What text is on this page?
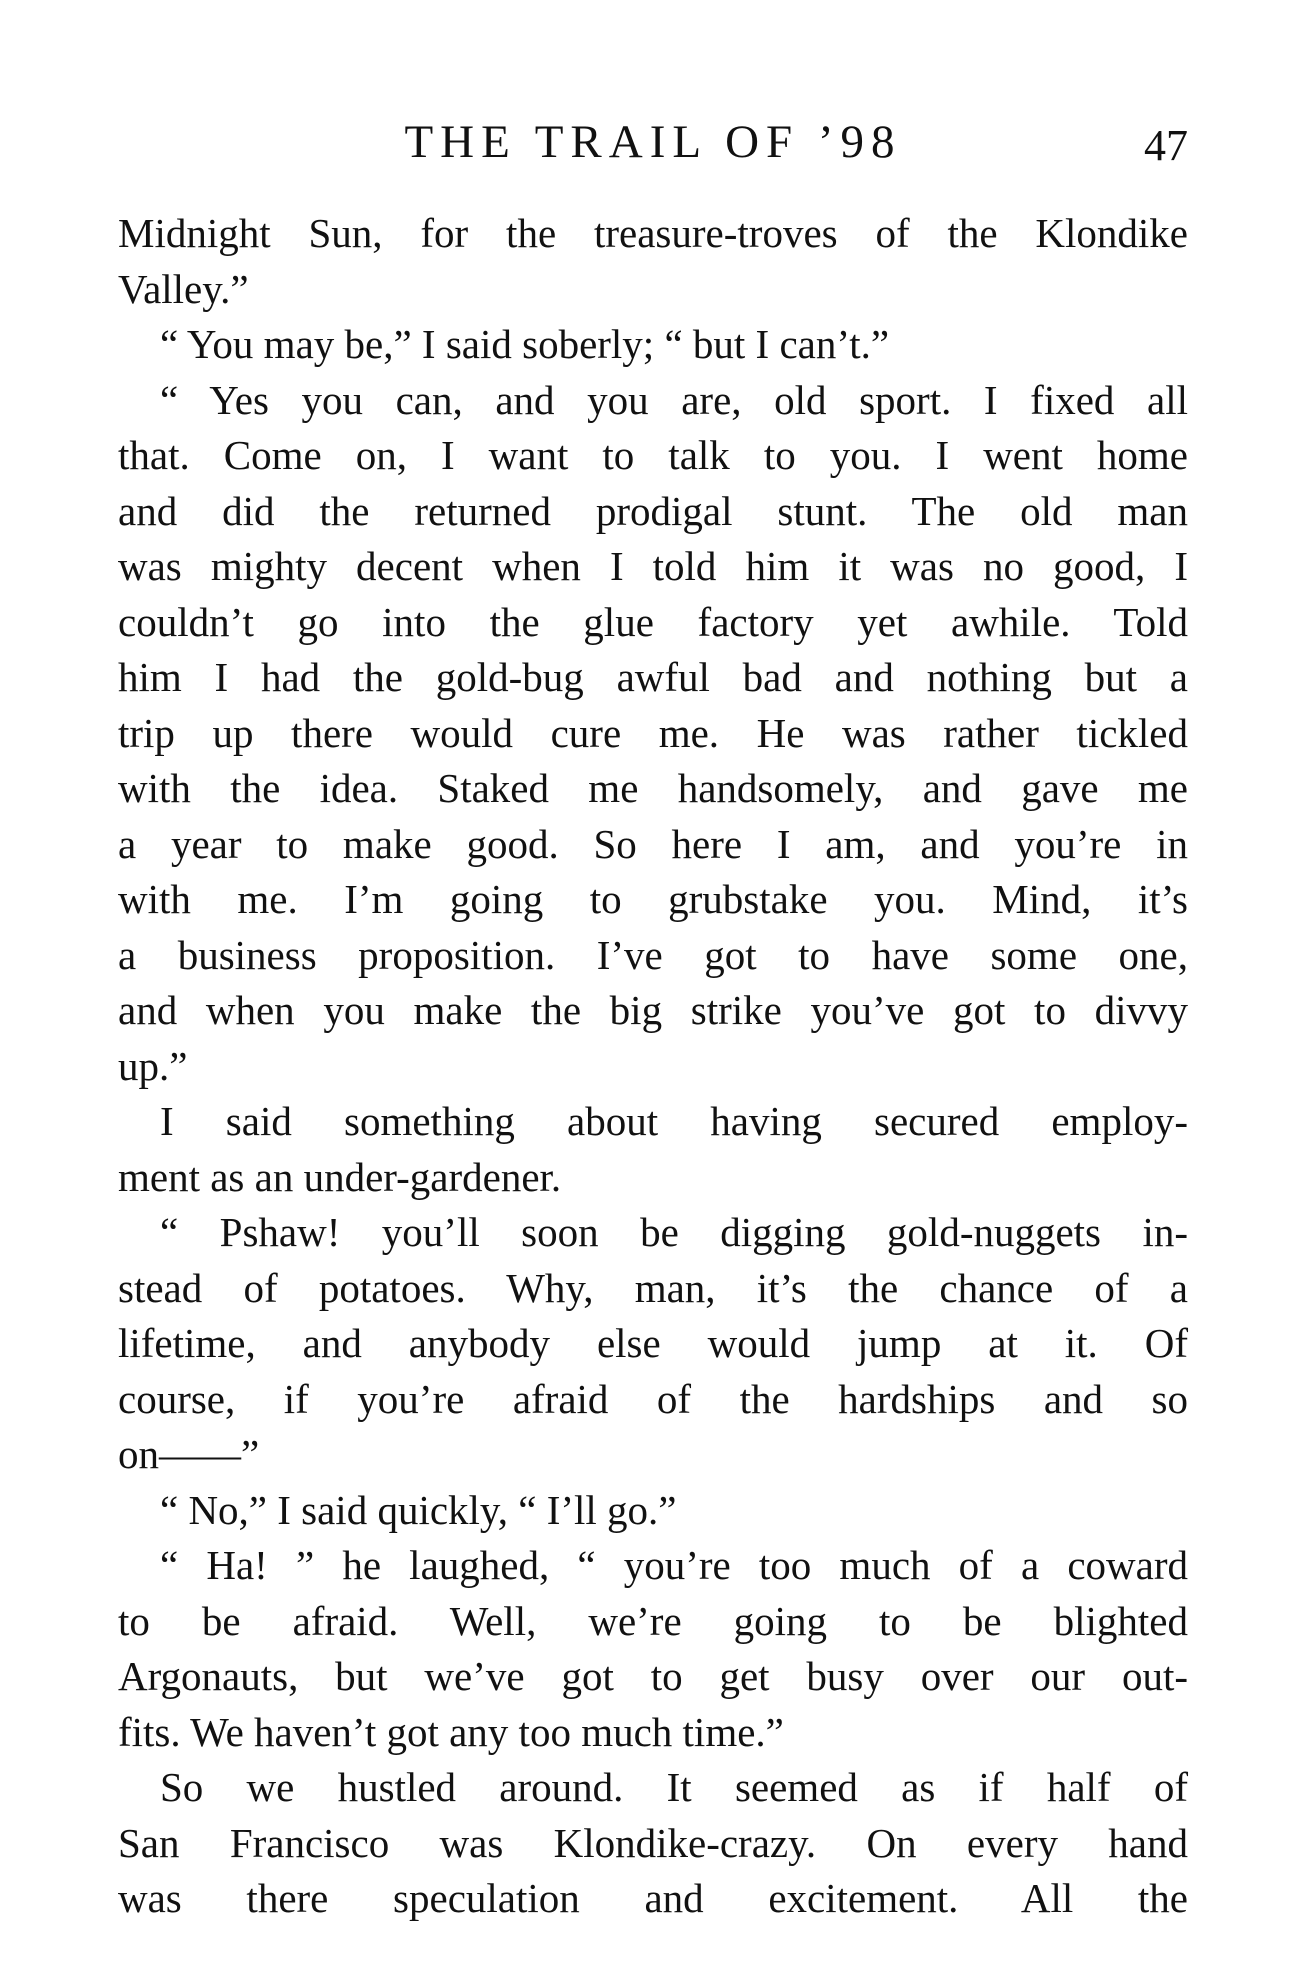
THE TRAIL OF ’98	47
Midnight Sun, for the treasure-troves of the Klondike
Valley.”
“ You may be,” I said soberly; “ but I can’t.”
“ Yes you can, and you are, old sport. I fixed all
that. Come on, I want to talk to you. I went home
and did the returned prodigal stunt. The old man
was mighty decent when I told him it was no good, I
couldn’t go into the glue factory yet awhile. Told
him I had the gold-bug awful bad and nothing but a
trip up there would cure me. He was rather tickled
with the idea. Staked me handsomely, and gave me
a year to make good. So here I am, and you’re in
with me. I’m going to grubstake you. Mind, it’s
a business proposition. I’ve got to have some one,
and when you make the big strike you’ve got to divvy
up.”
I said something about having secured employ-
ment as an under-gardener.
“ Pshaw! you’ll soon be digging gold-nuggets in-
stead of potatoes. Why, man, it’s the chance of a
lifetime, and anybody else would jump at it. Of
course, if you’re afraid of the hardships and so
on——”
“ No,” I said quickly, “ I’ll go.”
“ Ha! ” he laughed, “ you’re too much of a coward
to be afraid. Well, we’re going to be blighted
Argonauts, but we’ve got to get busy over our out-
fits. We haven’t got any too much time.”
So we hustled around. It seemed as if half of
San Francisco was Klondike-crazy. On every hand
was there speculation and excitement. All the
